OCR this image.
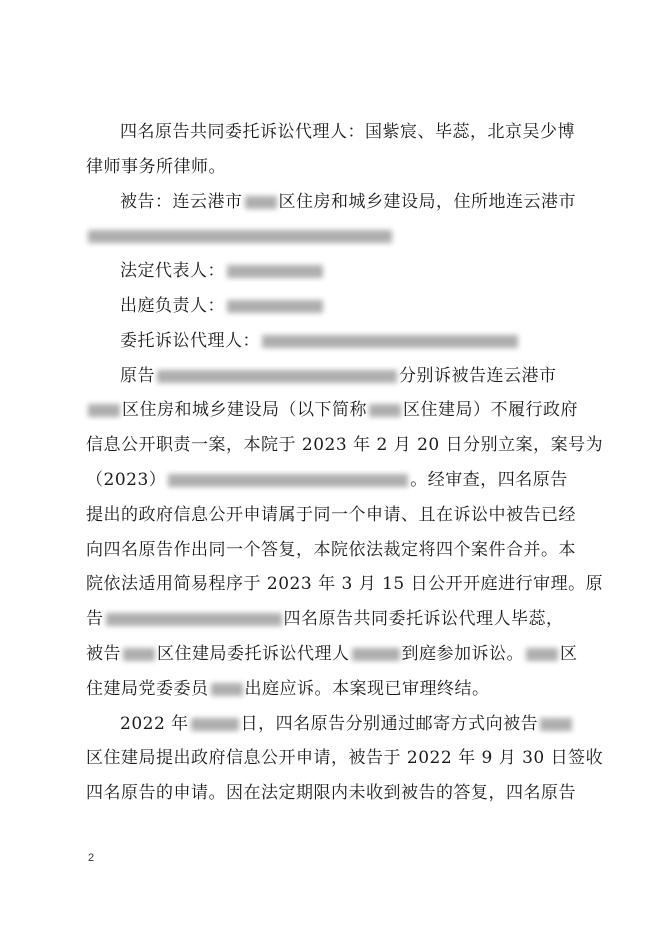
四名原告共同委托诉讼代理人：国紫宸、毕蕊，北京吴少博
律师事务所律师。
被告：连云港市 区住房和城乡建设局，住所地连云港市
法定代表人：
出庭负责人：
委托诉讼代理人：
原告	分别诉被告连云港市
区住房和城乡建设局（以下简称 区住建局）不履行政府
信息公开职责一案，本院于 2023 年 2 月 20 日分别立案，案号为
（2023）	。经审查，四名原告
提出的政府信息公开申请属于同一个申请、且在诉讼中被告已经
向四名原告作出同一个答复，本院依法裁定将四个案件合并。本
院依法适用简易程序于 2023 年 3 月 15 日公开开庭进行审理。原
告	四名原告共同委托诉讼代理人毕蕊，
被告 区住建局委托诉讼代理人	到庭参加诉讼。 区
住建局党委委员 出庭应诉。本案现已审理终结。
2022 年	日，四名原告分别通过邮寄方式向被告
区住建局提出政府信息公开申请，被告于 2022 年 9 月 30 日签收
四名原告的申请。因在法定期限内未收到被告的答复，四名原告
2
